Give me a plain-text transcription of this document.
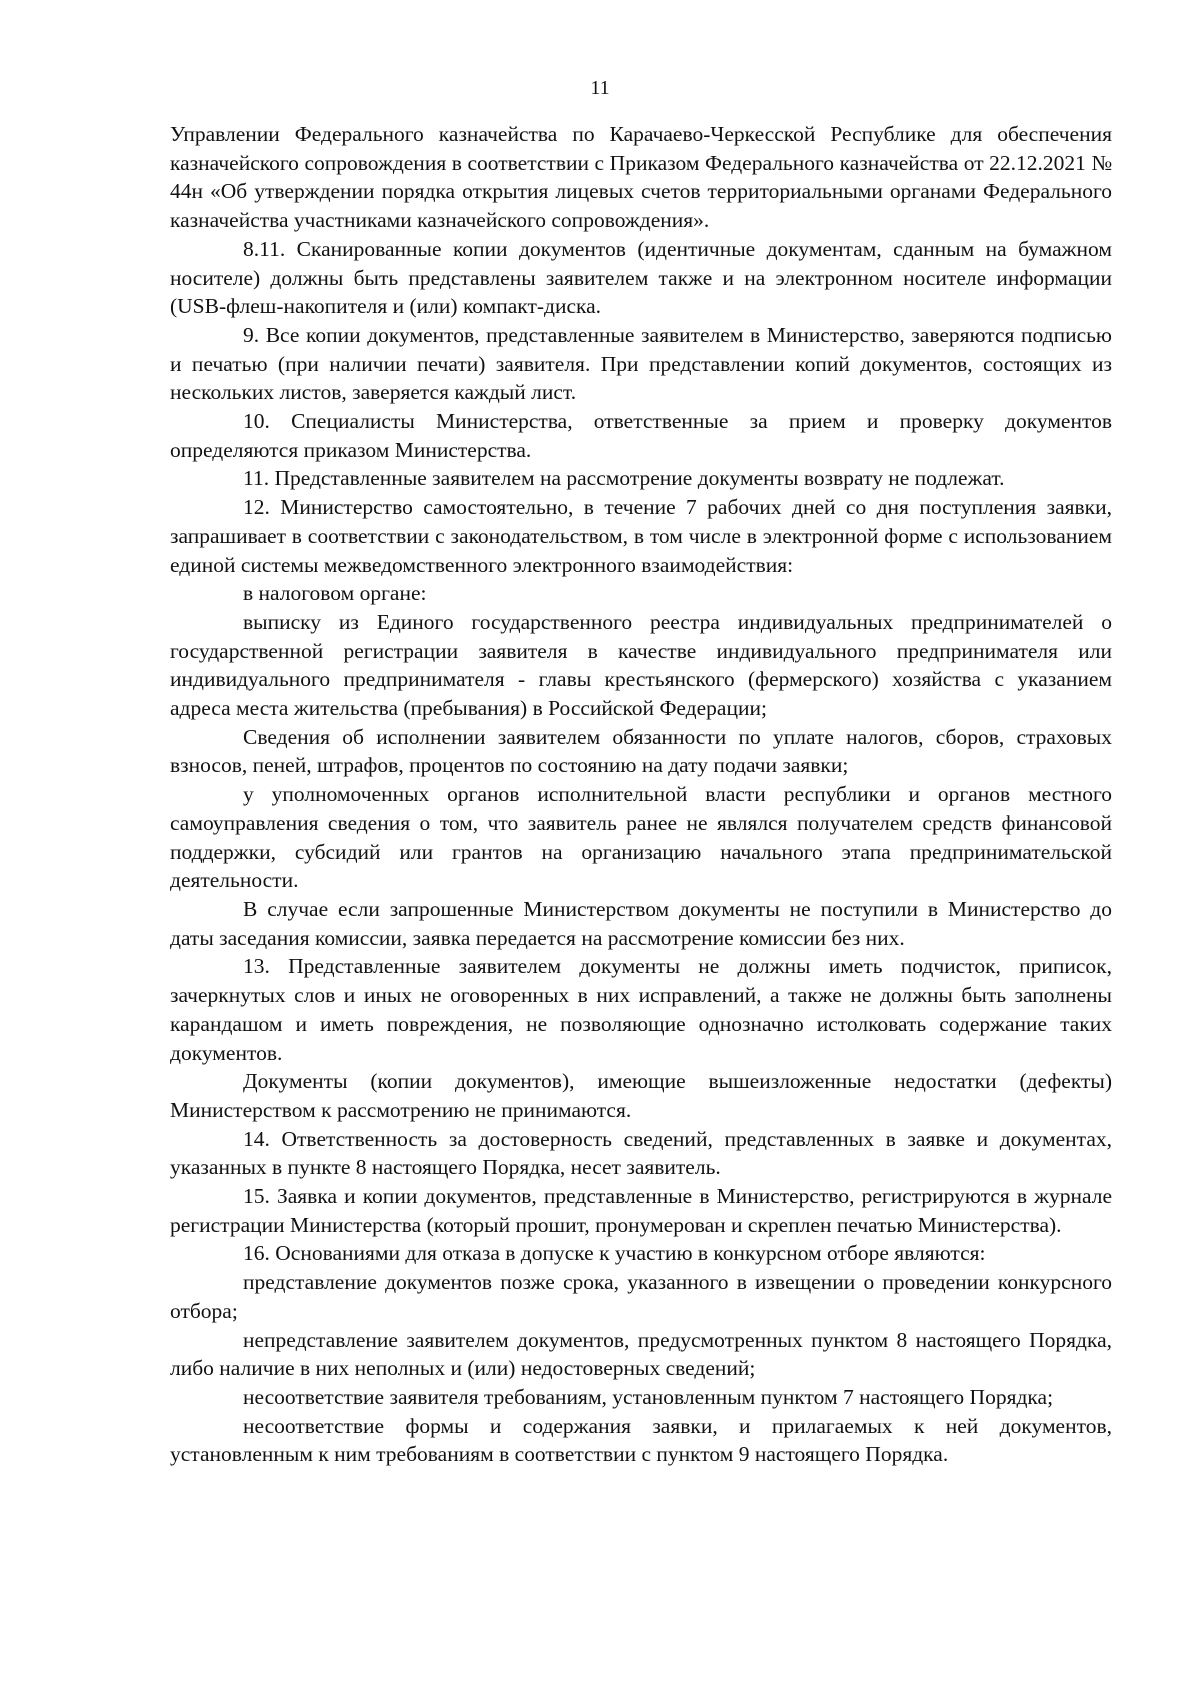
11

Управлении Федерального казначейства по Карачаево-Черкесской Республике для обеспечения казначейского сопровождения в соответствии с Приказом Федерального казначейства от 22.12.2021 № 44н «Об утверждении порядка открытия лицевых счетов территориальными органами Федерального казначейства участниками казначейского сопровождения».

8.11. Сканированные копии документов (идентичные документам, сданным на бумажном носителе) должны быть представлены заявителем также и на электронном носителе информации (USB-флеш-накопителя и (или) компакт-диска.

9. Все копии документов, представленные заявителем в Министерство, заверяются подписью и печатью (при наличии печати) заявителя. При представлении копий документов, состоящих из нескольких листов, заверяется каждый лист.

10. Специалисты Министерства, ответственные за прием и проверку документов определяются приказом Министерства.

11. Представленные заявителем на рассмотрение документы возврату не подлежат.

12. Министерство самостоятельно, в течение 7 рабочих дней со дня поступления заявки, запрашивает в соответствии с законодательством, в том числе в электронной форме с использованием единой системы межведомственного электронного взаимодействия:

в налоговом органе:

выписку из Единого государственного реестра индивидуальных предпринимателей о государственной регистрации заявителя в качестве индивидуального предпринимателя или индивидуального предпринимателя - главы крестьянского (фермерского) хозяйства с указанием адреса места жительства (пребывания) в Российской Федерации;

Сведения об исполнении заявителем обязанности по уплате налогов, сборов, страховых взносов, пеней, штрафов, процентов по состоянию на дату подачи заявки;

у уполномоченных органов исполнительной власти республики и органов местного самоуправления сведения о том, что заявитель ранее не являлся получателем средств финансовой поддержки, субсидий или грантов на организацию начального этапа предпринимательской деятельности.

В случае если запрошенные Министерством документы не поступили в Министерство до даты заседания комиссии, заявка передается на рассмотрение комиссии без них.

13. Представленные заявителем документы не должны иметь подчисток, приписок, зачеркнутых слов и иных не оговоренных в них исправлений, а также не должны быть заполнены карандашом и иметь повреждения, не позволяющие однозначно истолковать содержание таких документов.

Документы (копии документов), имеющие вышеизложенные недостатки (дефекты) Министерством к рассмотрению не принимаются.

14. Ответственность за достоверность сведений, представленных в заявке и документах, указанных в пункте 8 настоящего Порядка, несет заявитель.

15. Заявка и копии документов, представленные в Министерство, регистрируются в журнале регистрации Министерства (который прошит, пронумерован и скреплен печатью Министерства).

16. Основаниями для отказа в допуске к участию в конкурсном отборе являются:

представление документов позже срока, указанного в извещении о проведении конкурсного отбора;

непредставление заявителем документов, предусмотренных пунктом 8 настоящего Порядка, либо наличие в них неполных и (или) недостоверных сведений;

несоответствие заявителя требованиям, установленным пунктом 7 настоящего Порядка;

несоответствие формы и содержания заявки, и прилагаемых к ней документов, установленным к ним требованиям в соответствии с пунктом 9 настоящего Порядка.
